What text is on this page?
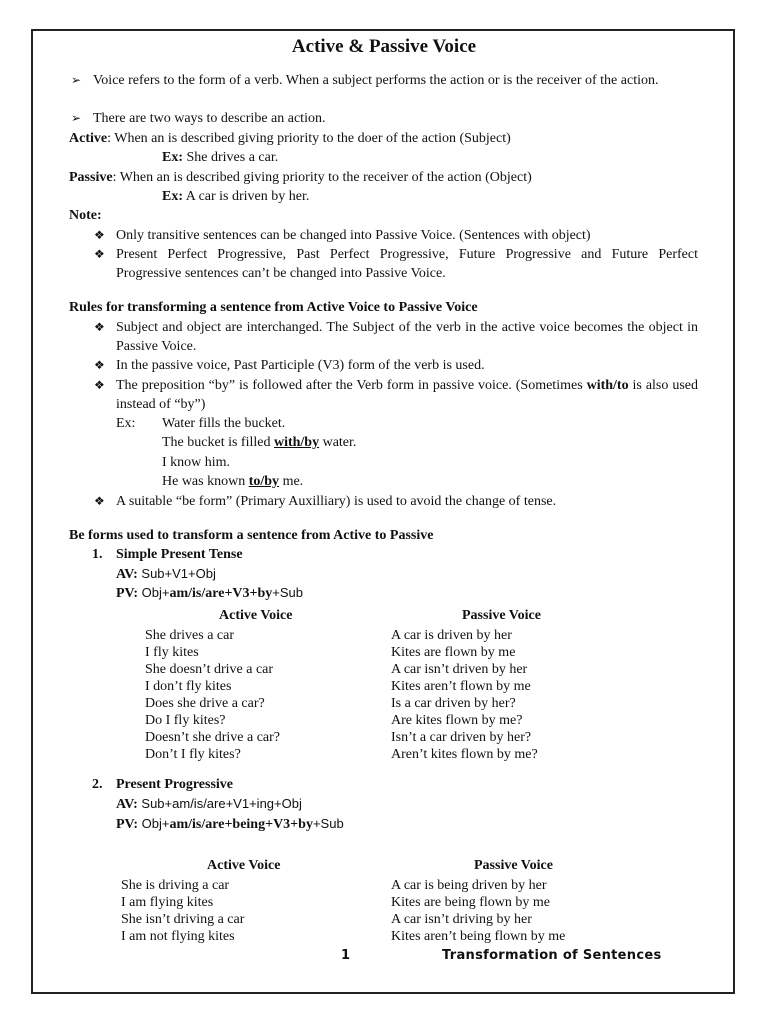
Active & Passive Voice
➢ Voice refers to the form of a verb. When a subject performs the action or is the receiver of the action.
➢ There are two ways to describe an action.
Active: When an is described giving priority to the doer of the action (Subject)
Ex: She drives a car.
Passive: When an is described giving priority to the receiver of the action (Object)
Ex: A car is driven by her.
Note:
❖ Only transitive sentences can be changed into Passive Voice. (Sentences with object)
❖ Present Perfect Progressive, Past Perfect Progressive, Future Progressive and Future Perfect Progressive sentences can’t be changed into Passive Voice.
Rules for transforming a sentence from Active Voice to Passive Voice
❖ Subject and object are interchanged. The Subject of the verb in the active voice becomes the object in Passive Voice.
❖ In the passive voice, Past Participle (V3) form of the verb is used.
❖ The preposition “by” is followed after the Verb form in passive voice. (Sometimes with/to is also used instead of “by”)
Ex: Water fills the bucket.
The bucket is filled with/by water.
I know him.
He was known to/by me.
❖ A suitable “be form” (Primary Auxilliary) is used to avoid the change of tense.
Be forms used to transform a sentence from Active to Passive
1. Simple Present Tense
AV: Sub+V1+Obj
PV: Obj+am/is/are+V3+by+Sub
Active Voice	Passive Voice
She drives a car	A car is driven by her
I fly kites	Kites are flown by me
She doesn’t drive a car	A car isn’t driven by her
I don’t fly kites	Kites aren’t flown by me
Does she drive a car?	Is a car driven by her?
Do I fly kites?	Are kites flown by me?
Doesn’t she drive a car?	Isn’t a car driven by her?
Don’t I fly kites?	Aren’t kites flown by me?
2. Present Progressive
AV: Sub+am/is/are+V1+ing+Obj
PV: Obj+am/is/are+being+V3+by+Sub
Active Voice	Passive Voice
She is driving a car	A car is being driven by her
I am flying kites	Kites are being flown by me
She isn’t driving a car	A car isn’t driving by her
I am not flying kites	Kites aren’t being flown by me
1	Transformation of Sentences
